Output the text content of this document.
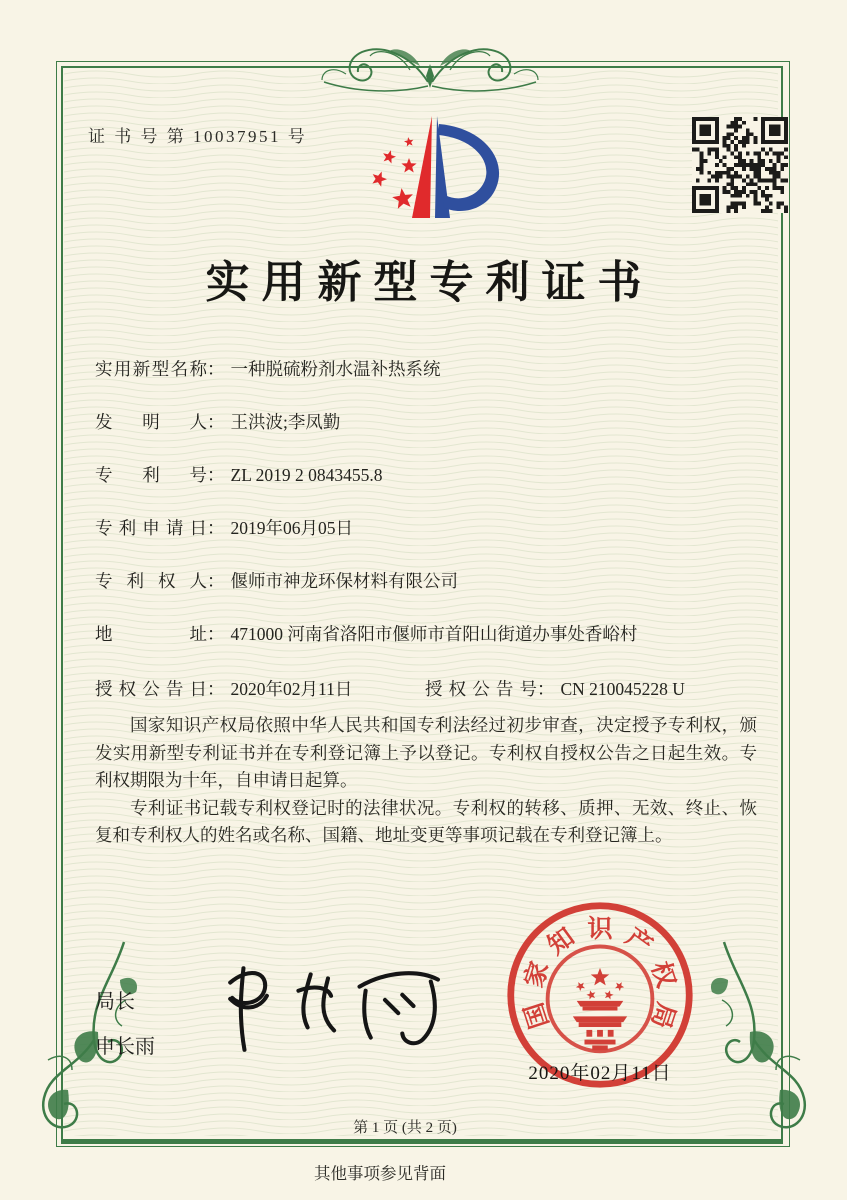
证 书 号 第 10037951 号
实用新型专利证书
实用新型名称： 一种脱硫粉剂水温补热系统
发明人： 王洪波;李凤勤
专利号： ZL 2019 2 0843455.8
专利申请日： 2019年06月05日
专利权人： 偃师市神龙环保材料有限公司
地址： 471000 河南省洛阳市偃师市首阳山街道办事处香峪村
授权公告日： 2020年02月11日	授权公告号： CN 210045228 U

国家知识产权局依照中华人民共和国专利法经过初步审查，决定授予专利权，颁发实用新型专利证书并在专利登记簿上予以登记。专利权自授权公告之日起生效。专利权期限为十年，自申请日起算。

专利证书记载专利权登记时的法律状况。专利权的转移、质押、无效、终止、恢复和专利权人的姓名或名称、国籍、地址变更等事项记载在专利登记簿上。

局长
申长雨
国
家
知 识 产
权
局
2020年02月11日
第 1 页 (共 2 页)
其他事项参见背面
